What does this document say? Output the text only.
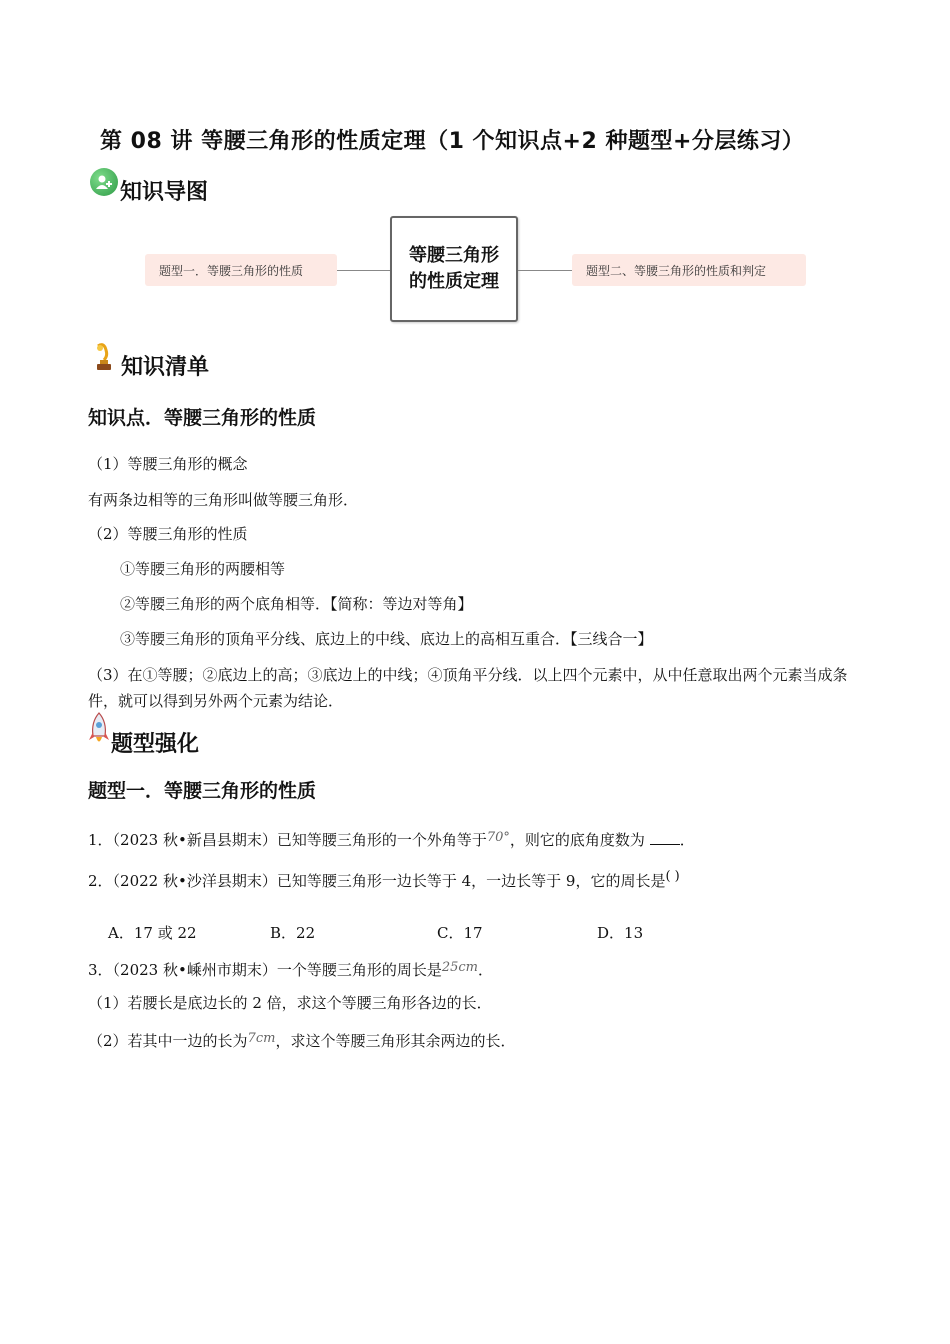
第 08 讲 等腰三角形的性质定理（1 个知识点+2 种题型+分层练习）
知识导图
题型一．等腰三角形的性质
等腰三角形的性质定理
题型二、等腰三角形的性质和判定
知识清单
知识点．等腰三角形的性质
（1）等腰三角形的概念
有两条边相等的三角形叫做等腰三角形．
（2）等腰三角形的性质
①等腰三角形的两腰相等
②等腰三角形的两个底角相等．【简称：等边对等角】
③等腰三角形的顶角平分线、底边上的中线、底边上的高相互重合．【三线合一】
（3）在①等腰；②底边上的高；③底边上的中线；④顶角平分线．以上四个元素中，从中任意取出两个元素当成条件，就可以得到另外两个元素为结论．
题型强化
题型一．等腰三角形的性质
1．（2023 秋•新昌县期末）已知等腰三角形的一个外角等于70°，则它的底角度数为 ．
2．（2022 秋•沙洋县期末）已知等腰三角形一边长等于 4，一边长等于 9，它的周长是( )
A．17 或 22	B．22	C．17	D．13
3．（2023 秋•嵊州市期末）一个等腰三角形的周长是25cm．
（1）若腰长是底边长的 2 倍，求这个等腰三角形各边的长．
（2）若其中一边的长为7cm，求这个等腰三角形其余两边的长．
